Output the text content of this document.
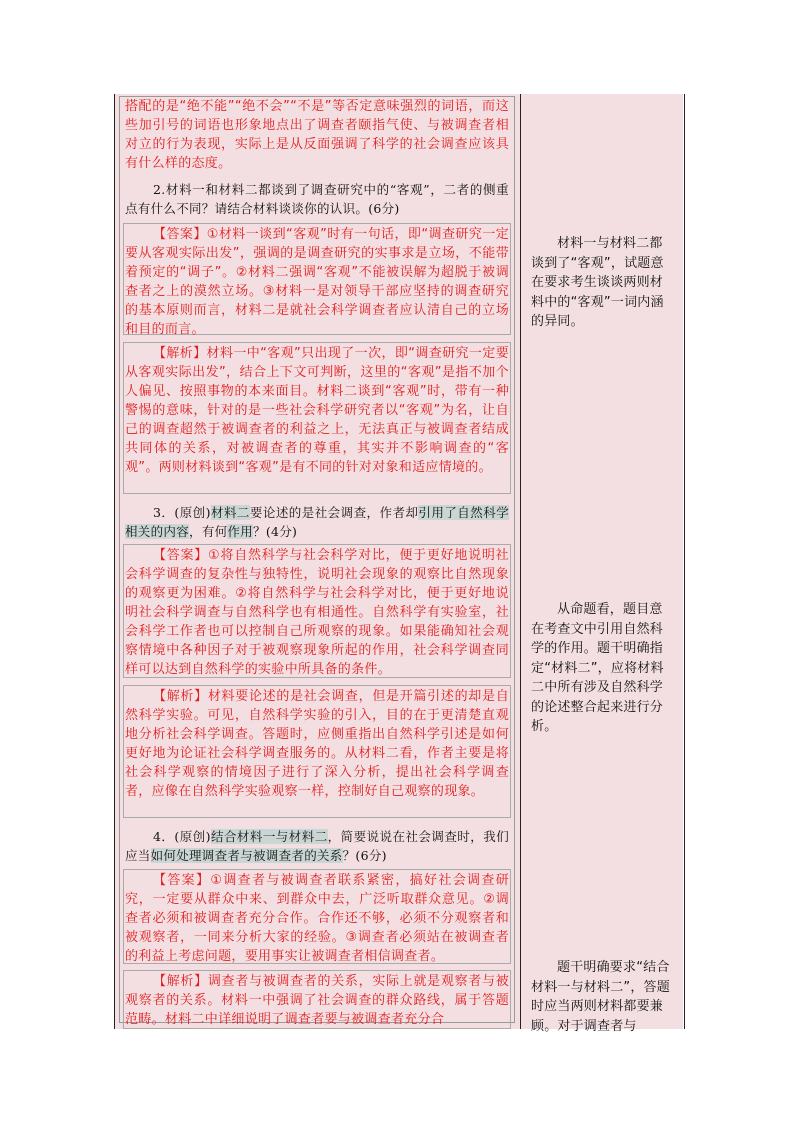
搭配的是“绝不能”“绝不会”“不是”等否定意味强烈的词语，而这些加引号的词语也形象地点出了调查者颐指气使、与被调查者相对立的行为表现，实际上是从反面强调了科学的社会调查应该具有什么样的态度。
2.材料一和材料二都谈到了调查研究中的“客观”，二者的侧重点有什么不同？请结合材料谈谈你的认识。(6分)
【答案】①材料一谈到“客观”时有一句话，即“调查研究一定要从客观实际出发”，强调的是调查研究的实事求是立场，不能带着预定的“调子”。②材料二强调“客观”不能被误解为超脱于被调查者之上的漠然立场。③材料一是对领导干部应坚持的调查研究的基本原则而言，材料二是就社会科学调查者应认清自己的立场和目的而言。
【解析】材料一中“客观”只出现了一次，即“调查研究一定要从客观实际出发”，结合上下文可判断，这里的“客观”是指不加个人偏见、按照事物的本来面目。材料二谈到“客观”时，带有一种警惕的意味，针对的是一些社会科学研究者以“客观”为名，让自己的调查超然于被调查者的利益之上，无法真正与被调查者结成共同体的关系，对被调查者的尊重，其实并不影响调查的“客观”。两则材料谈到“客观”是有不同的针对对象和适应情境的。
3．(原创)材料二要论述的是社会调查，作者却引用了自然科学相关的内容，有何作用？(4分)
【答案】①将自然科学与社会科学对比，便于更好地说明社会科学调查的复杂性与独特性，说明社会现象的观察比自然现象的观察更为困难。②将自然科学与社会科学对比，便于更好地说明社会科学调查与自然科学也有相通性。自然科学有实验室，社会科学工作者也可以控制自己所观察的现象。如果能确知社会观察情境中各种因子对于被观察现象所起的作用，社会科学调查同样可以达到自然科学的实验中所具备的条件。
【解析】材料要论述的是社会调查，但是开篇引述的却是自然科学实验。可见，自然科学实验的引入，目的在于更清楚直观地分析社会科学调查。答题时，应侧重指出自然科学引述是如何更好地为论证社会科学调查服务的。从材料二看，作者主要是将社会科学观察的情境因子进行了深入分析，提出社会科学调查者，应像在自然科学实验观察一样，控制好自己观察的现象。
4．(原创)结合材料一与材料二，简要说说在社会调查时，我们应当如何处理调查者与被调查者的关系？(6分)
【答案】①调查者与被调查者联系紧密，搞好社会调查研究，一定要从群众中来、到群众中去，广泛听取群众意见。②调查者必须和被调查者充分合作。合作还不够，必须不分观察者和被观察者，一同来分析大家的经验。③调查者必须站在被调查者的利益上考虑问题，要用事实让被调查者相信调查者。
【解析】调查者与被调查者的关系，实际上就是观察者与被观察者的关系。材料一中强调了社会调查的群众路线，属于答题范畴。材料二中详细说明了调查者要与被调查者充分合
材料一与材料二都谈到了“客观”，试题意在要求考生谈谈两则材料中的“客观”一词内涵的异同。
从命题看，题目意在考查文中引用自然科学的作用。题干明确指定“材料二”，应将材料二中所有涉及自然科学的论述整合起来进行分析。
题干明确要求“结合材料一与材料二”，答题时应当两则材料都要兼顾。对于调查者与
